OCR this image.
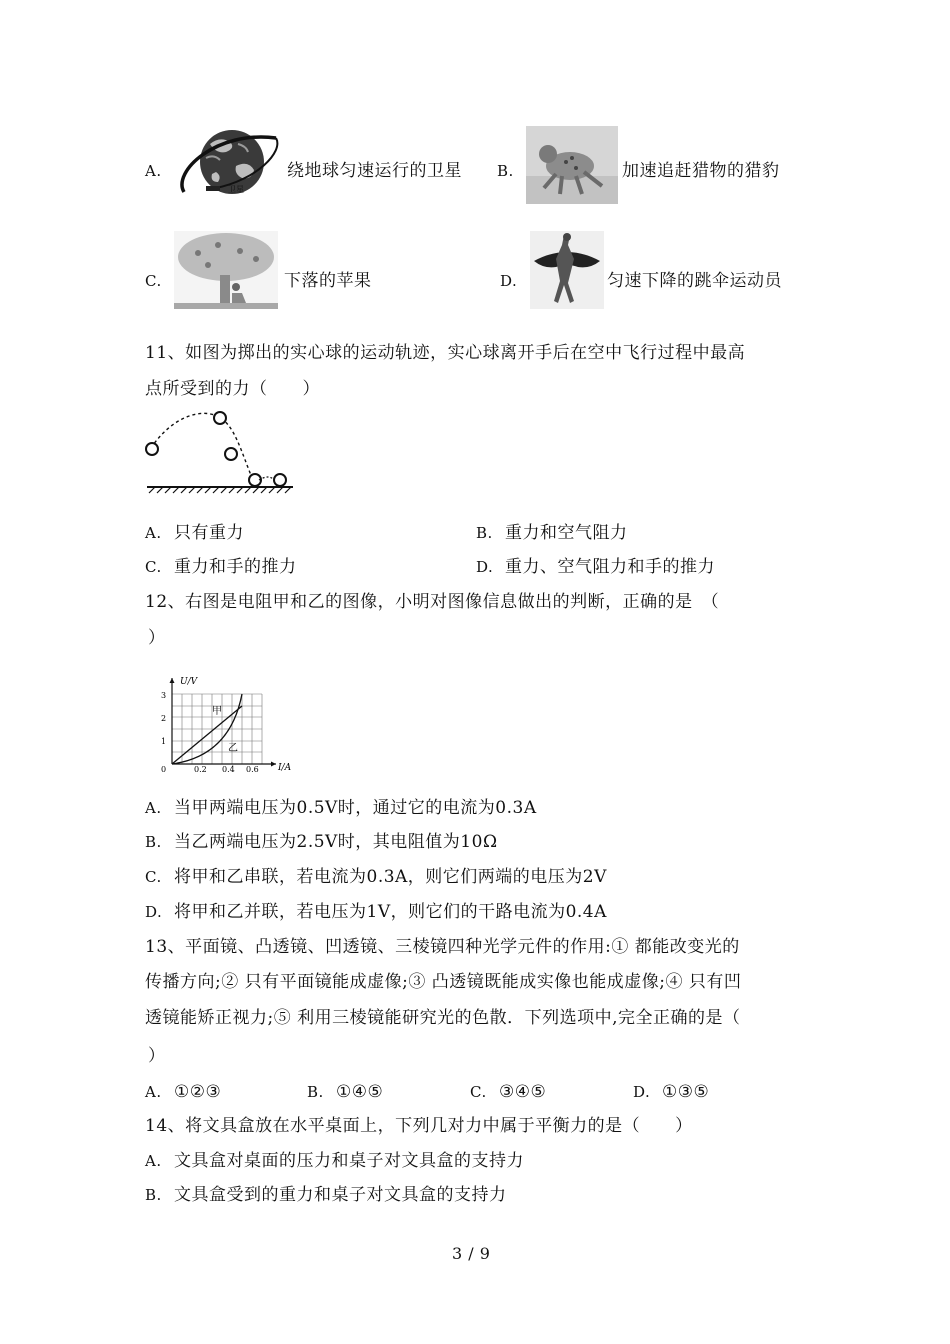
A.
卫星
绕地球匀速运行的卫星 B.	加速追赶猎物的猎豹
C.	下落的苹果	D.	匀速下降的跳伞运动员
11、如图为掷出的实心球的运动轨迹，实心球离开手后在空中飞行过程中最高
点所受到的力（　　）
A. 只有重力	B. 重力和空气阻力
C. 重力和手的推力	D. 重力、空气阻力和手的推力
12、右图是电阻甲和乙的图像，小明对图像信息做出的判断，正确的是　（
）
U/V
I/A
3
2
1
0	0.2 0.4 0.6
甲
乙
A. 当甲两端电压为0.5V时，通过它的电流为0.3A
B. 当乙两端电压为2.5V时，其电阻值为10Ω
C. 将甲和乙串联，若电流为0.3A，则它们两端的电压为2V
D. 将甲和乙并联，若电压为1V，则它们的干路电流为0.4A
13、平面镜、凸透镜、凹透镜、三棱镜四种光学元件的作用:① 都能改变光的
传播方向;② 只有平面镜能成虚像;③ 凸透镜既能成实像也能成虚像;④ 只有凹
透镜能矫正视力;⑤ 利用三棱镜能研究光的色散．下列选项中,完全正确的是（
）
A. ①②③	B. ①④⑤	C. ③④⑤	D. ①③⑤
14、将文具盒放在水平桌面上，下列几对力中属于平衡力的是（　　）
A. 文具盒对桌面的压力和桌子对文具盒的支持力
B. 文具盒受到的重力和桌子对文具盒的支持力
3 / 9
